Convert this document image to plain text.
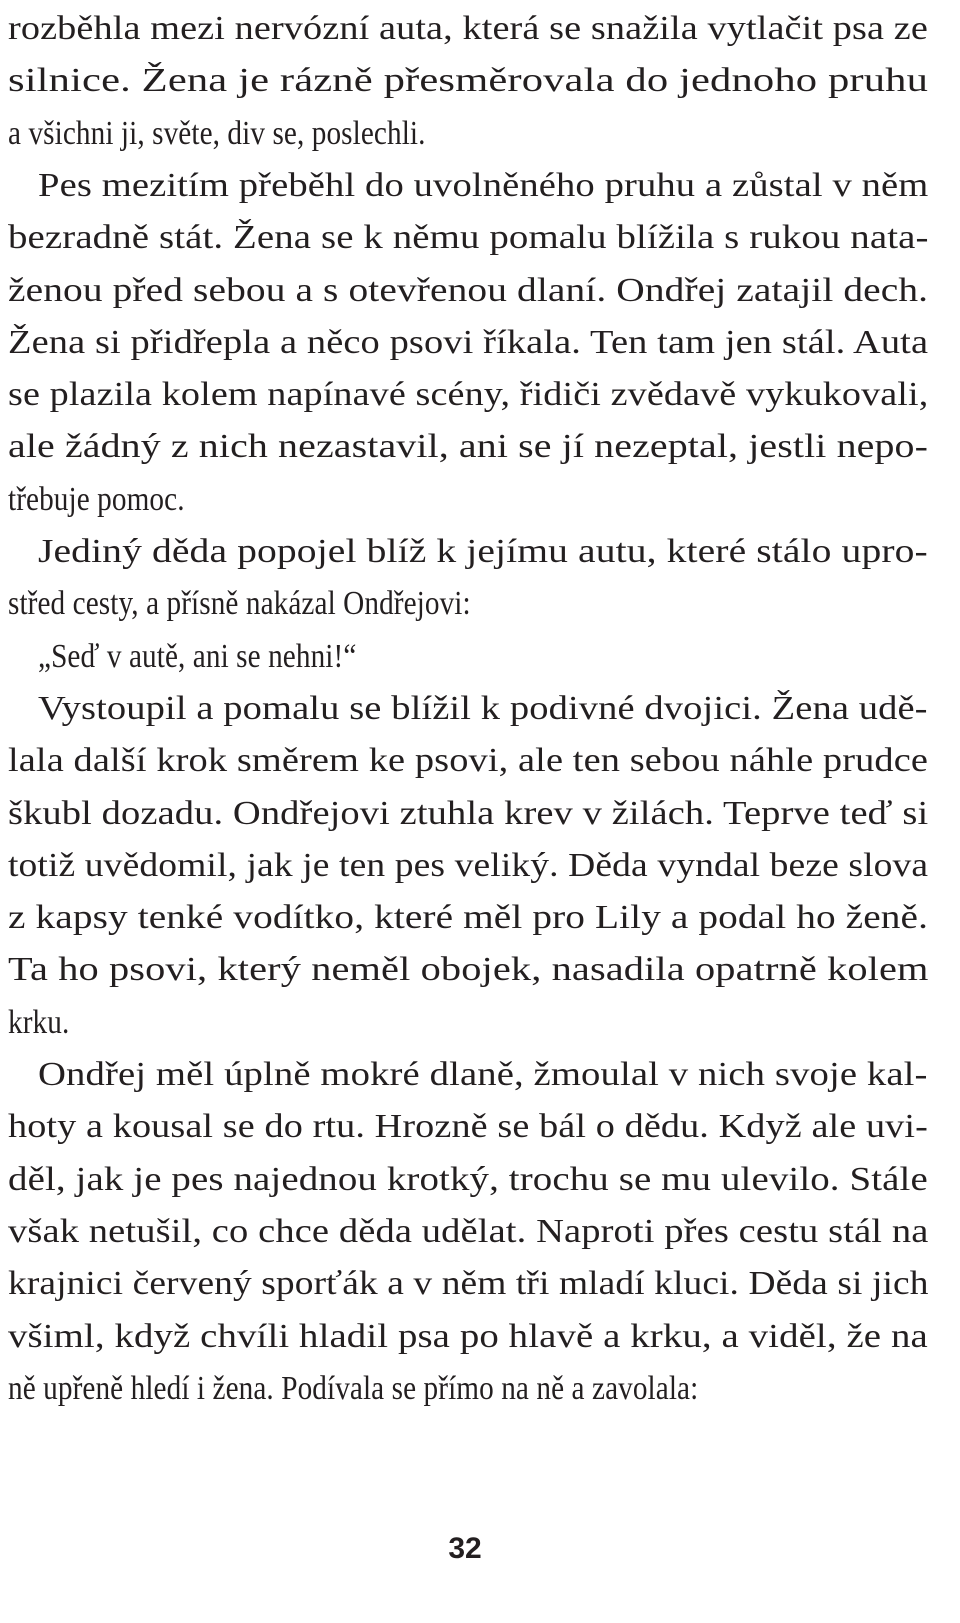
rozběhla mezi nervózní auta, která se snažila vytlačit psa ze
silnice. Žena je rázně přesměrovala do jednoho pruhu
a všichni ji, světe, div se, poslechli.
Pes mezitím přeběhl do uvolněného pruhu a zůstal v něm
bezradně stát. Žena se k němu pomalu blížila s rukou nata-
ženou před sebou a s otevřenou dlaní. Ondřej zatajil dech.
Žena si přidřepla a něco psovi říkala. Ten tam jen stál. Auta
se plazila kolem napínavé scény, řidiči zvědavě vykukovali,
ale žádný z nich nezastavil, ani se jí nezeptal, jestli nepo-
třebuje pomoc.
Jediný děda popojel blíž k jejímu autu, které stálo upro-
střed cesty, a přísně nakázal Ondřejovi:
„Seď v autě, ani se nehni!“
Vystoupil a pomalu se blížil k podivné dvojici. Žena udě-
lala další krok směrem ke psovi, ale ten sebou náhle prudce
škubl dozadu. Ondřejovi ztuhla krev v žilách. Teprve teď si
totiž uvědomil, jak je ten pes veliký. Děda vyndal beze slova
z kapsy tenké vodítko, které měl pro Lily a podal ho ženě.
Ta ho psovi, který neměl obojek, nasadila opatrně kolem
krku.
Ondřej měl úplně mokré dlaně, žmoulal v nich svoje kal-
hoty a kousal se do rtu. Hrozně se bál o dědu. Když ale uvi-
děl, jak je pes najednou krotký, trochu se mu ulevilo. Stále
však netušil, co chce děda udělat. Naproti přes cestu stál na
krajnici červený sporťák a v něm tři mladí kluci. Děda si jich
všiml, když chvíli hladil psa po hlavě a krku, a viděl, že na
ně upřeně hledí i žena. Podívala se přímo na ně a zavolala:
32
